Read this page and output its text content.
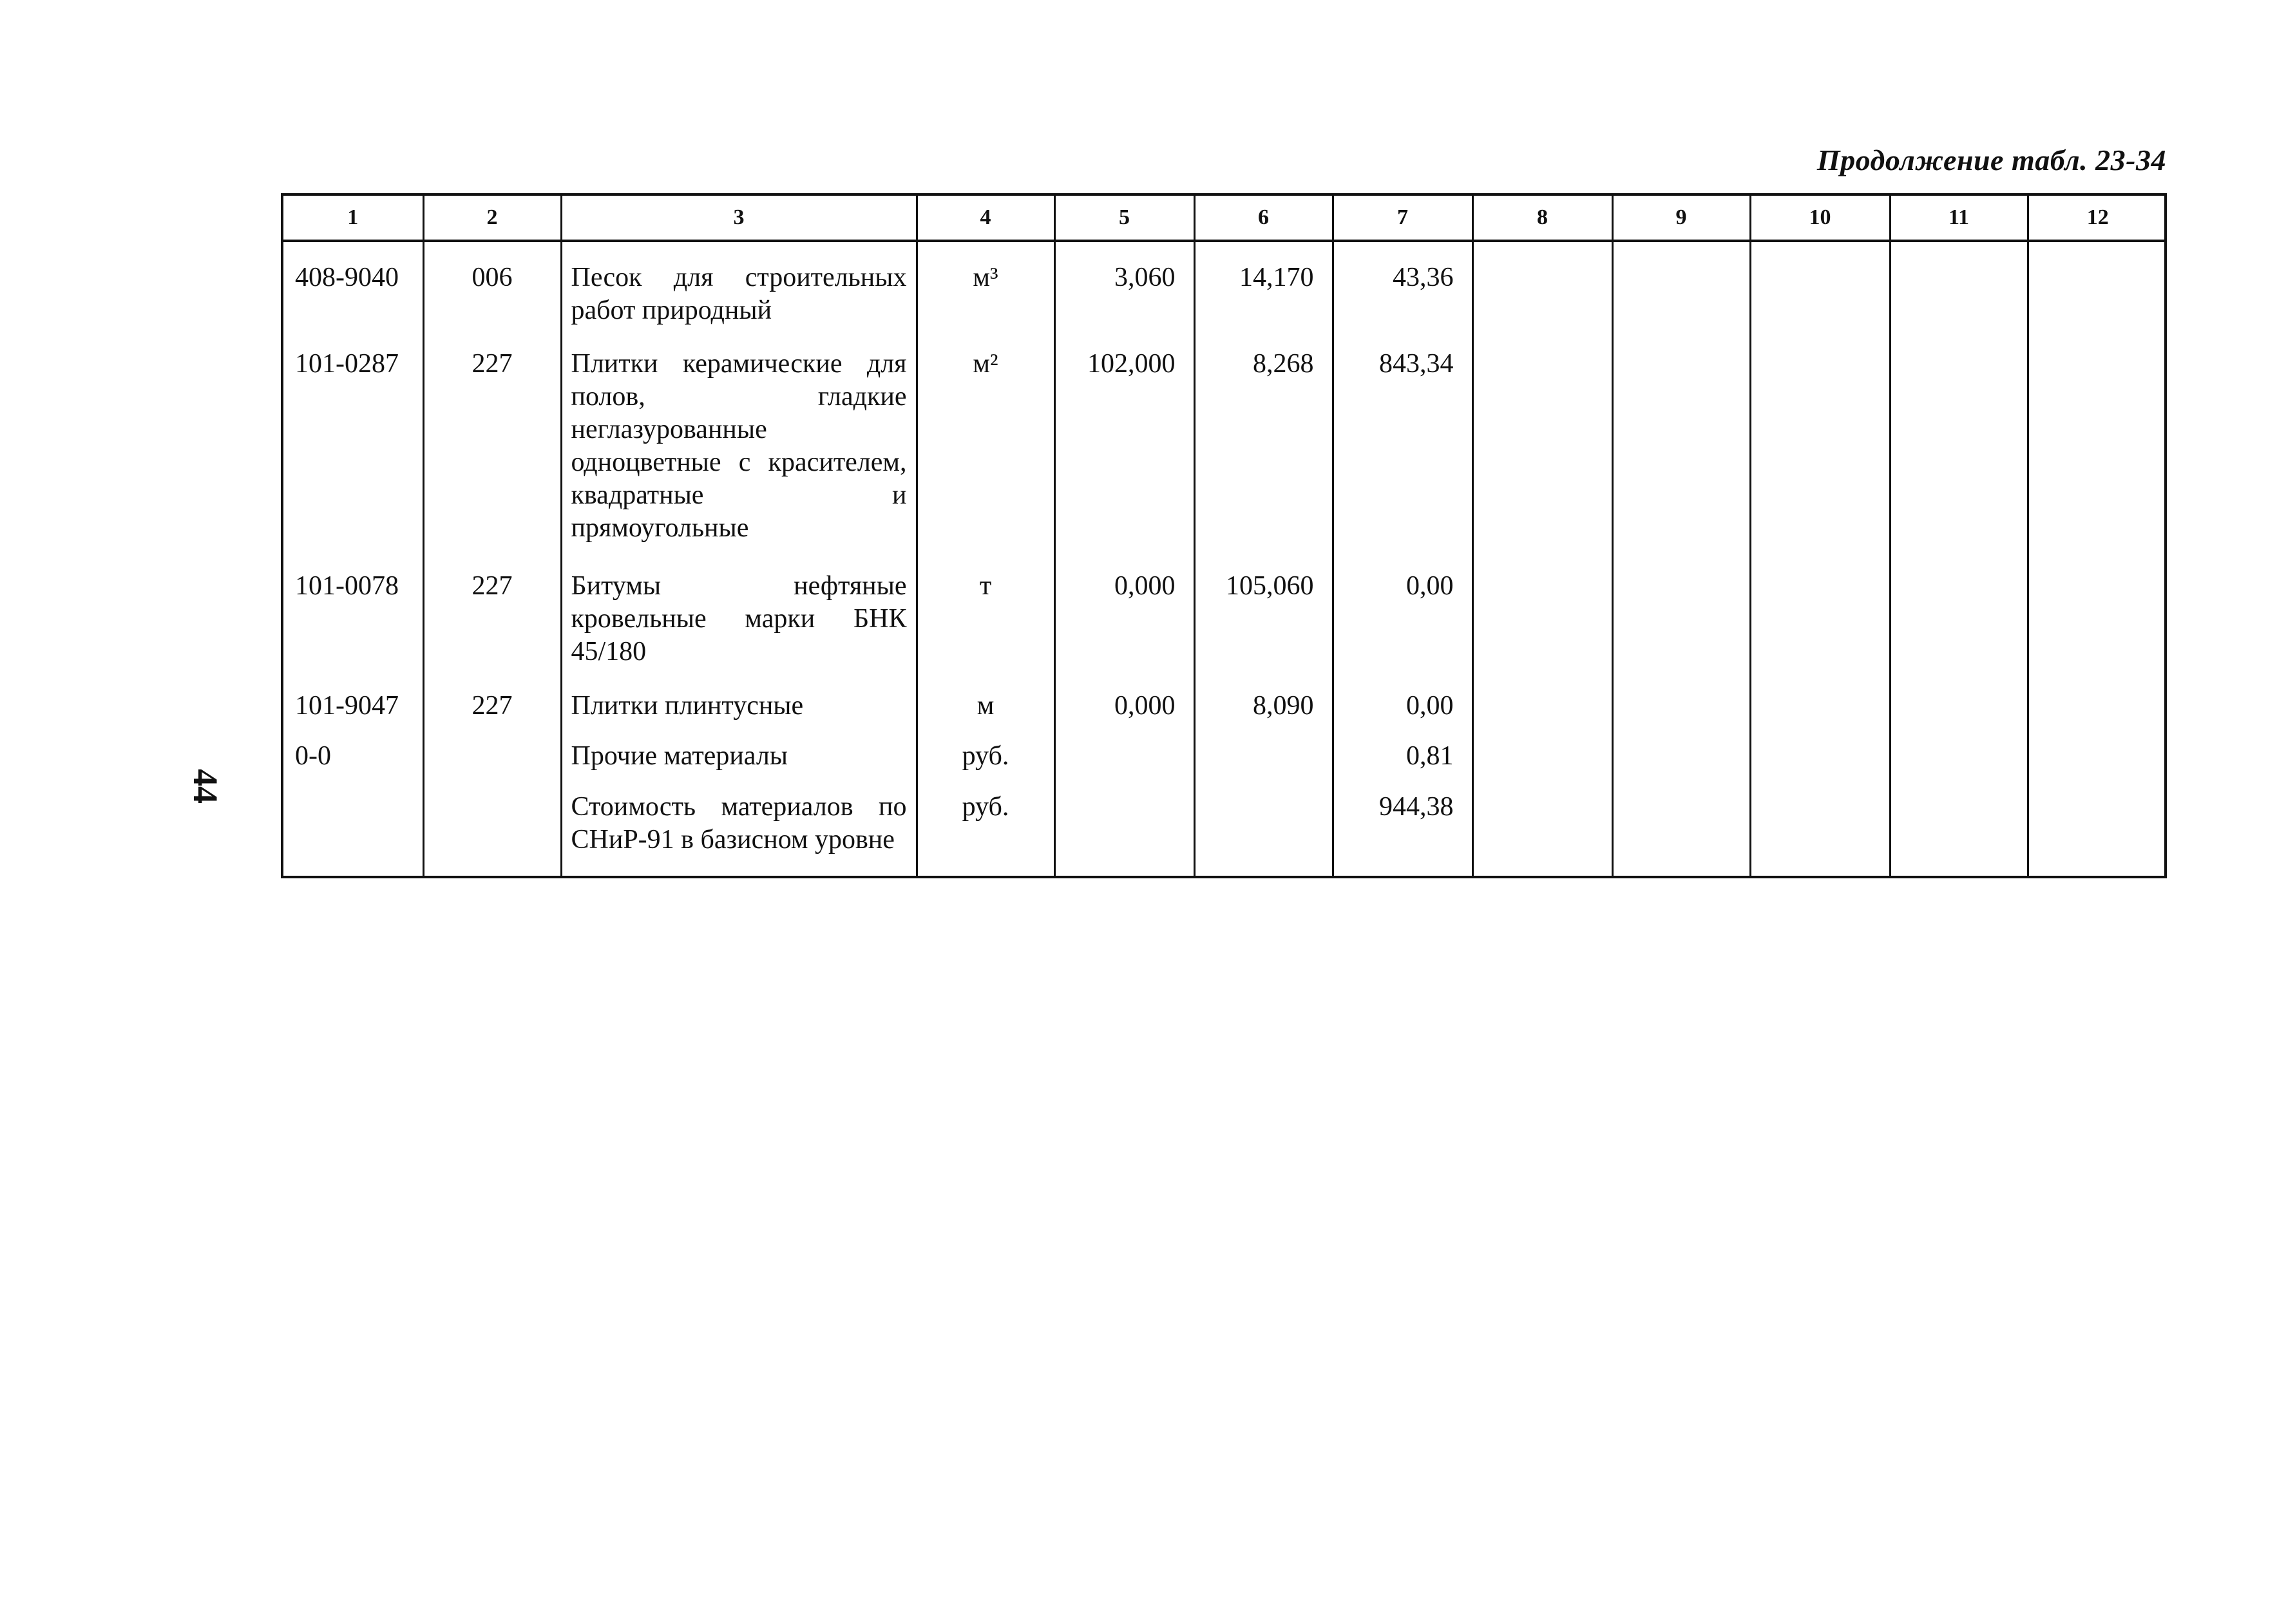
Продолжение табл. 23-34
44
1	2	3	4	5	6	7	8	9	10	11	12

408-9040	006	Песок для строительных работ природный	м³	3,060	14,170	43,36					

101-0287	227	Плитки керамические для полов, гладкие неглазурованные одноцветные с красителем, квадратные и прямоугольные	м²	102,000	8,268	843,34					

101-0078	227	Битумы нефтяные кровельные марки БНК 45/180	т	0,000	105,060	0,00					

101-9047	227	Плитки плинтусные	м	0,000	8,090	0,00					

0-0		Прочие материалы	руб.			0,81					

		Стоимость материалов по СНиР-91 в базисном уровне	руб.			944,38					
